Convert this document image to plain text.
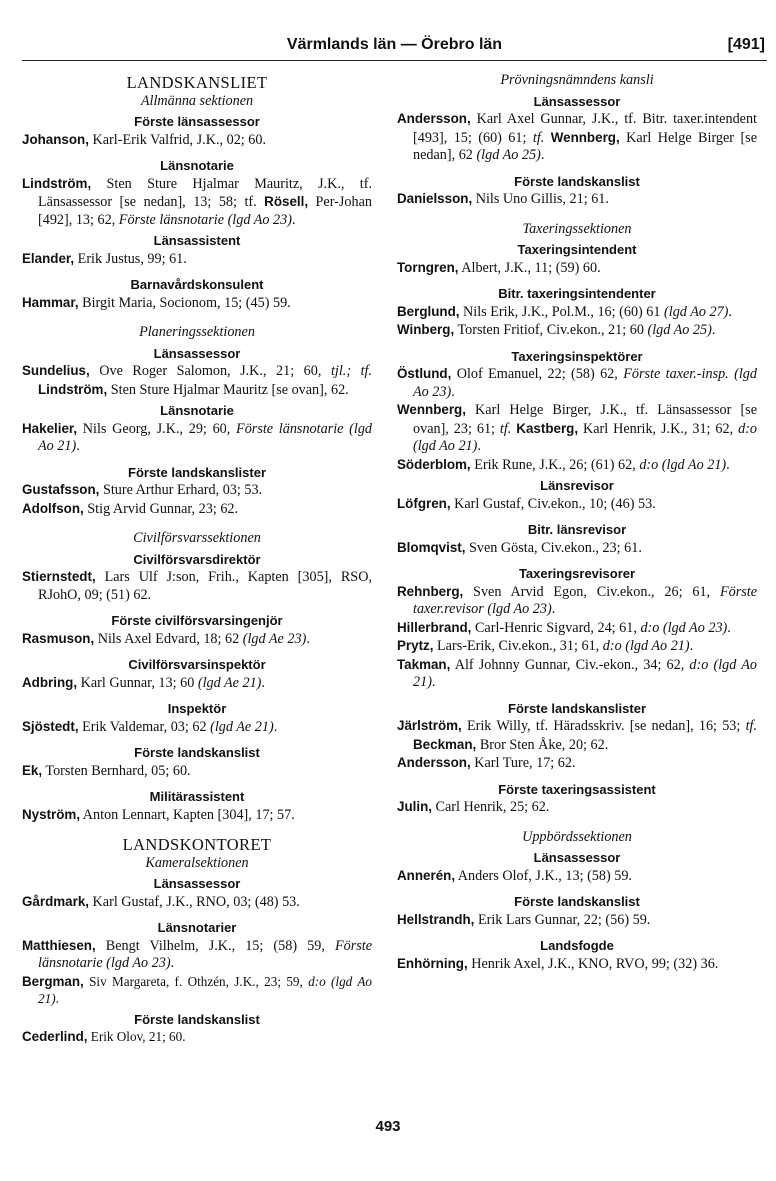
Värmlands län — Örebro län	[491]
LANDSKANSLIET
Allmänna sektionen
Förste länsassessor
Johanson, Karl-Erik Valfrid, J.K., 02; 60.
Länsnotarie
Lindström, Sten Sture Hjalmar Mauritz, J.K., tf. Länsassessor [se nedan], 13; 58; tf. Rösell, Per-Johan [492], 13; 62, Förste länsnotarie (lgd Ao 23).
Länsassistent
Elander, Erik Justus, 99; 61.
Barnavårdskonsulent
Hammar, Birgit Maria, Socionom, 15; (45) 59.
Planeringssektionen
Länsassessor
Sundelius, Ove Roger Salomon, J.K., 21; 60, tjl.; tf. Lindström, Sten Sture Hjalmar Mauritz [se ovan], 62.
Länsnotarie
Hakelier, Nils Georg, J.K., 29; 60, Förste länsnotarie (lgd Ao 21).
Förste landskanslister
Gustafsson, Sture Arthur Erhard, 03; 53.
Adolfson, Stig Arvid Gunnar, 23; 62.
Civilförsvarssektionen
Civilförsvarsdirektör
Stiernstedt, Lars Ulf J:son, Frih., Kapten [305], RSO, RJohO, 09; (51) 62.
Förste civilförsvarsingenjör
Rasmuson, Nils Axel Edvard, 18; 62 (lgd Ae 23).
Civilförsvarsinspektör
Adbring, Karl Gunnar, 13; 60 (lgd Ae 21).
Inspektör
Sjöstedt, Erik Valdemar, 03; 62 (lgd Ae 21).
Förste landskanslist
Ek, Torsten Bernhard, 05; 60.
Militärassistent
Nyström, Anton Lennart, Kapten [304], 17; 57.
LANDSKONTORET
Kameralsektionen
Länsassessor
Gårdmark, Karl Gustaf, J.K., RNO, 03; (48) 53.
Länsnotarier
Matthiesen, Bengt Vilhelm, J.K., 15; (58) 59, Förste länsnotarie (lgd Ao 23).
Bergman, Siv Margareta, f. Othzén, J.K., 23; 59, d:o (lgd Ao 21).
Förste landskanslist
Cederlind, Erik Olov, 21; 60.
Prövningsnämndens kansli
Länsassessor
Andersson, Karl Axel Gunnar, J.K., tf. Bitr. taxer.intendent [493], 15; (60) 61; tf. Wennberg, Karl Helge Birger [se nedan], 62 (lgd Ao 25).
Förste landskanslist
Danielsson, Nils Uno Gillis, 21; 61.
Taxeringssektionen
Taxeringsintendent
Torngren, Albert, J.K., 11; (59) 60.
Bitr. taxeringsintendenter
Berglund, Nils Erik, J.K., Pol.M., 16; (60) 61 (lgd Ao 27).
Winberg, Torsten Fritiof, Civ.ekon., 21; 60 (lgd Ao 25).
Taxeringsinspektörer
Östlund, Olof Emanuel, 22; (58) 62, Förste taxer.-insp. (lgd Ao 23).
Wennberg, Karl Helge Birger, J.K., tf. Länsassessor [se ovan], 23; 61; tf. Kastberg, Karl Henrik, J.K., 31; 62, d:o (lgd Ao 21).
Söderblom, Erik Rune, J.K., 26; (61) 62, d:o (lgd Ao 21).
Länsrevisor
Löfgren, Karl Gustaf, Civ.ekon., 10; (46) 53.
Bitr. länsrevisor
Blomqvist, Sven Gösta, Civ.ekon., 23; 61.
Taxeringsrevisorer
Rehnberg, Sven Arvid Egon, Civ.ekon., 26; 61, Förste taxer.revisor (lgd Ao 23).
Hillerbrand, Carl-Henric Sigvard, 24; 61, d:o (lgd Ao 23).
Prytz, Lars-Erik, Civ.ekon., 31; 61, d:o (lgd Ao 21).
Takman, Alf Johnny Gunnar, Civ.-ekon., 34; 62, d:o (lgd Ao 21).
Förste landskanslister
Järlström, Erik Willy, tf. Häradsskriv. [se nedan], 16; 53; tf. Beckman, Bror Sten Åke, 20; 62.
Andersson, Karl Ture, 17; 62.
Förste taxeringsassistent
Julin, Carl Henrik, 25; 62.
Uppbördssektionen
Länsassessor
Annerén, Anders Olof, J.K., 13; (58) 59.
Förste landskanslist
Hellstrandh, Erik Lars Gunnar, 22; (56) 59.
Landsfogde
Enhörning, Henrik Axel, J.K., KNO, RVO, 99; (32) 36.
493
